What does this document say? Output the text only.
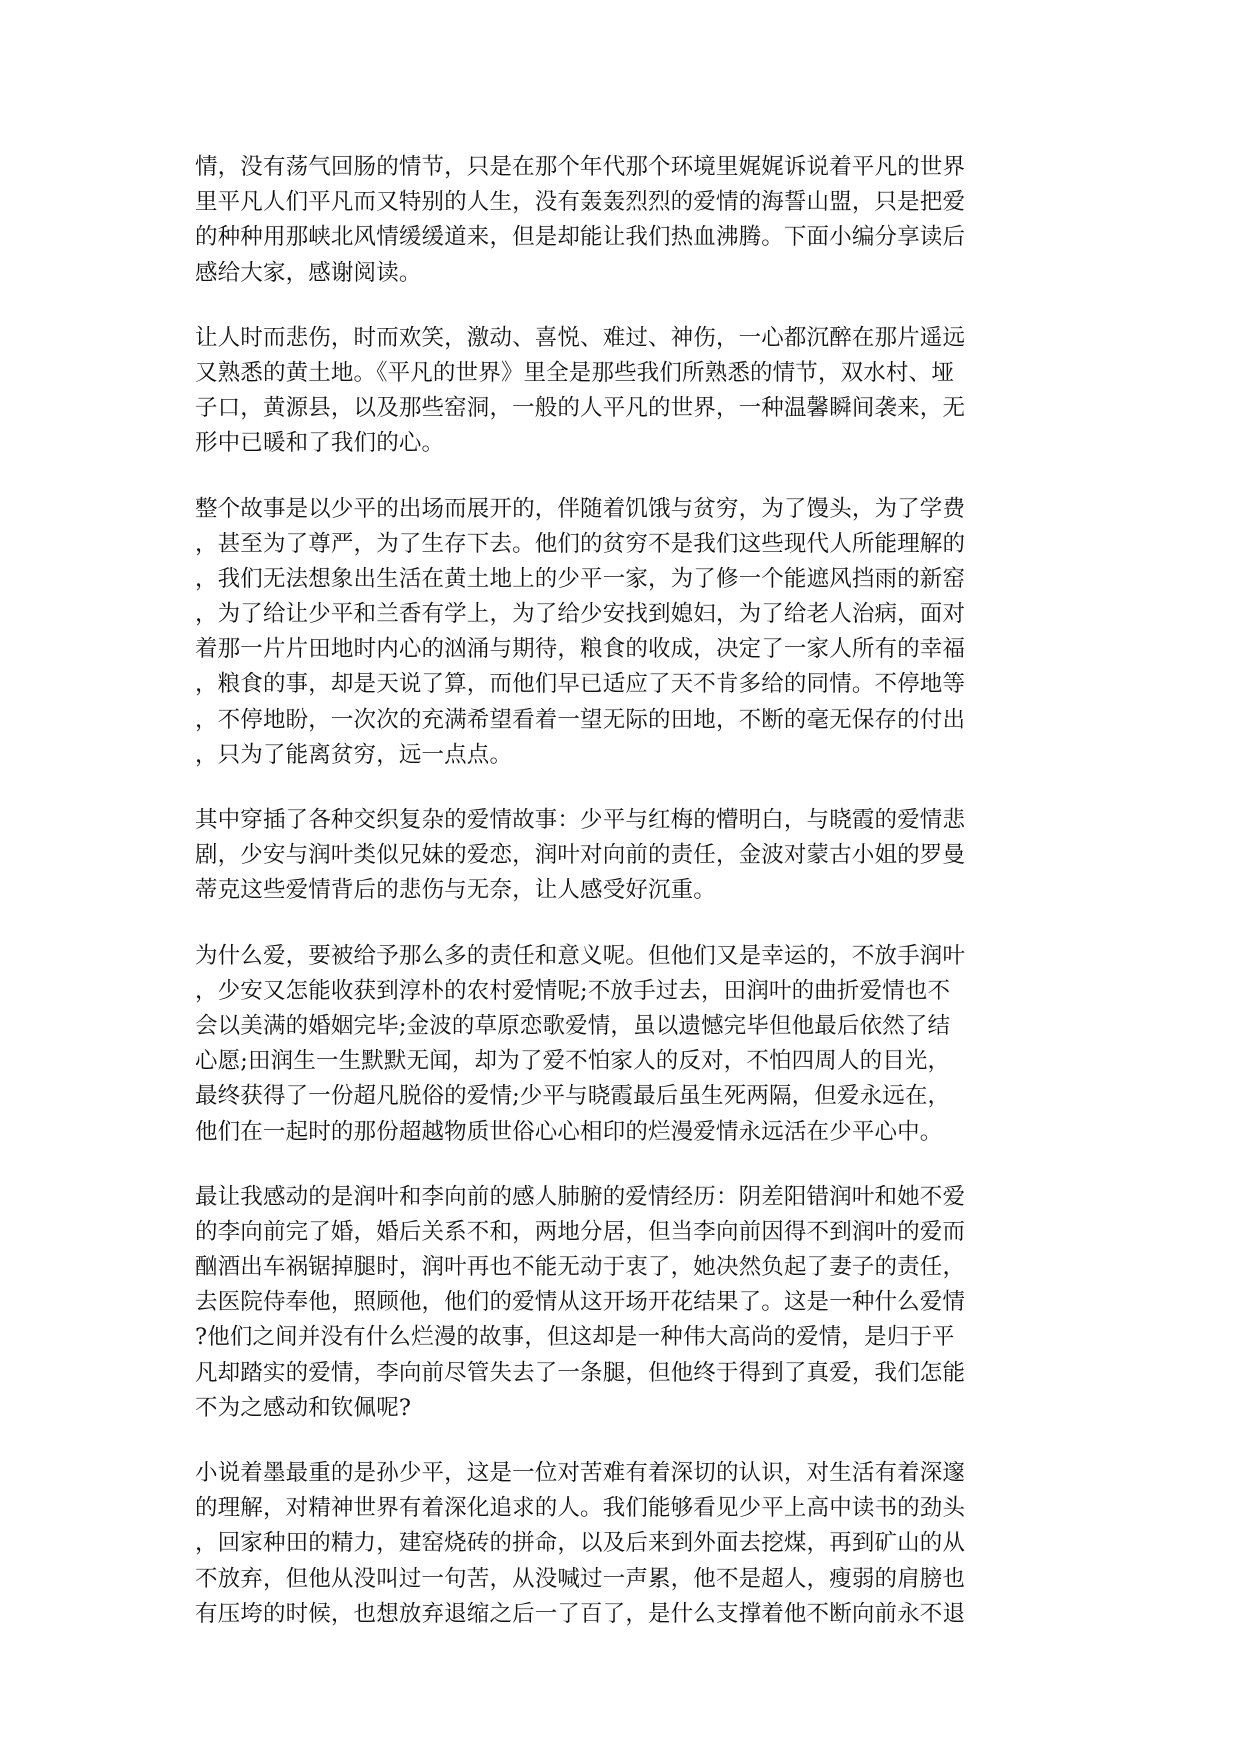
情，没有荡气回肠的情节，只是在那个年代那个环境里娓娓诉说着平凡的世界
里平凡人们平凡而又特别的人生，没有轰轰烈烈的爱情的海誓山盟，只是把爱
的种种用那峡北风情缓缓道来，但是却能让我们热血沸腾。下面小编分享读后
感给大家，感谢阅读。
让人时而悲伤，时而欢笑，激动、喜悦、难过、神伤，一心都沉醉在那片遥远
又熟悉的黄土地。《平凡的世界》里全是那些我们所熟悉的情节，双水村、垭
子口，黄源县，以及那些窑洞，一般的人平凡的世界，一种温馨瞬间袭来，无
形中已暖和了我们的心。
整个故事是以少平的出场而展开的，伴随着饥饿与贫穷，为了馒头，为了学费
，甚至为了尊严，为了生存下去。他们的贫穷不是我们这些现代人所能理解的
，我们无法想象出生活在黄土地上的少平一家，为了修一个能遮风挡雨的新窑
，为了给让少平和兰香有学上，为了给少安找到媳妇，为了给老人治病，面对
着那一片片田地时内心的汹涌与期待，粮食的收成，决定了一家人所有的幸福
，粮食的事，却是天说了算，而他们早已适应了天不肯多给的同情。不停地等
，不停地盼，一次次的充满希望看着一望无际的田地，不断的毫无保存的付出
，只为了能离贫穷，远一点点。
其中穿插了各种交织复杂的爱情故事：少平与红梅的懵明白，与晓霞的爱情悲
剧，少安与润叶类似兄妹的爱恋，润叶对向前的责任，金波对蒙古小姐的罗曼
蒂克这些爱情背后的悲伤与无奈，让人感受好沉重。
为什么爱，要被给予那么多的责任和意义呢。但他们又是幸运的，不放手润叶
，少安又怎能收获到淳朴的农村爱情呢;不放手过去，田润叶的曲折爱情也不
会以美满的婚姻完毕;金波的草原恋歌爱情，虽以遗憾完毕但他最后依然了结
心愿;田润生一生默默无闻，却为了爱不怕家人的反对，不怕四周人的目光，
最终获得了一份超凡脱俗的爱情;少平与晓霞最后虽生死两隔，但爱永远在，
他们在一起时的那份超越物质世俗心心相印的烂漫爱情永远活在少平心中。
最让我感动的是润叶和李向前的感人肺腑的爱情经历：阴差阳错润叶和她不爱
的李向前完了婚，婚后关系不和，两地分居，但当李向前因得不到润叶的爱而
酗酒出车祸锯掉腿时，润叶再也不能无动于衷了，她决然负起了妻子的责任，
去医院侍奉他，照顾他，他们的爱情从这开场开花结果了。这是一种什么爱情
?他们之间并没有什么烂漫的故事，但这却是一种伟大高尚的爱情，是归于平
凡却踏实的爱情，李向前尽管失去了一条腿，但他终于得到了真爱，我们怎能
不为之感动和钦佩呢?
小说着墨最重的是孙少平，这是一位对苦难有着深切的认识，对生活有着深邃
的理解，对精神世界有着深化追求的人。我们能够看见少平上高中读书的劲头
，回家种田的精力，建窑烧砖的拼命，以及后来到外面去挖煤，再到矿山的从
不放弃，但他从没叫过一句苦，从没喊过一声累，他不是超人，瘦弱的肩膀也
有压垮的时候，也想放弃退缩之后一了百了，是什么支撑着他不断向前永不退
